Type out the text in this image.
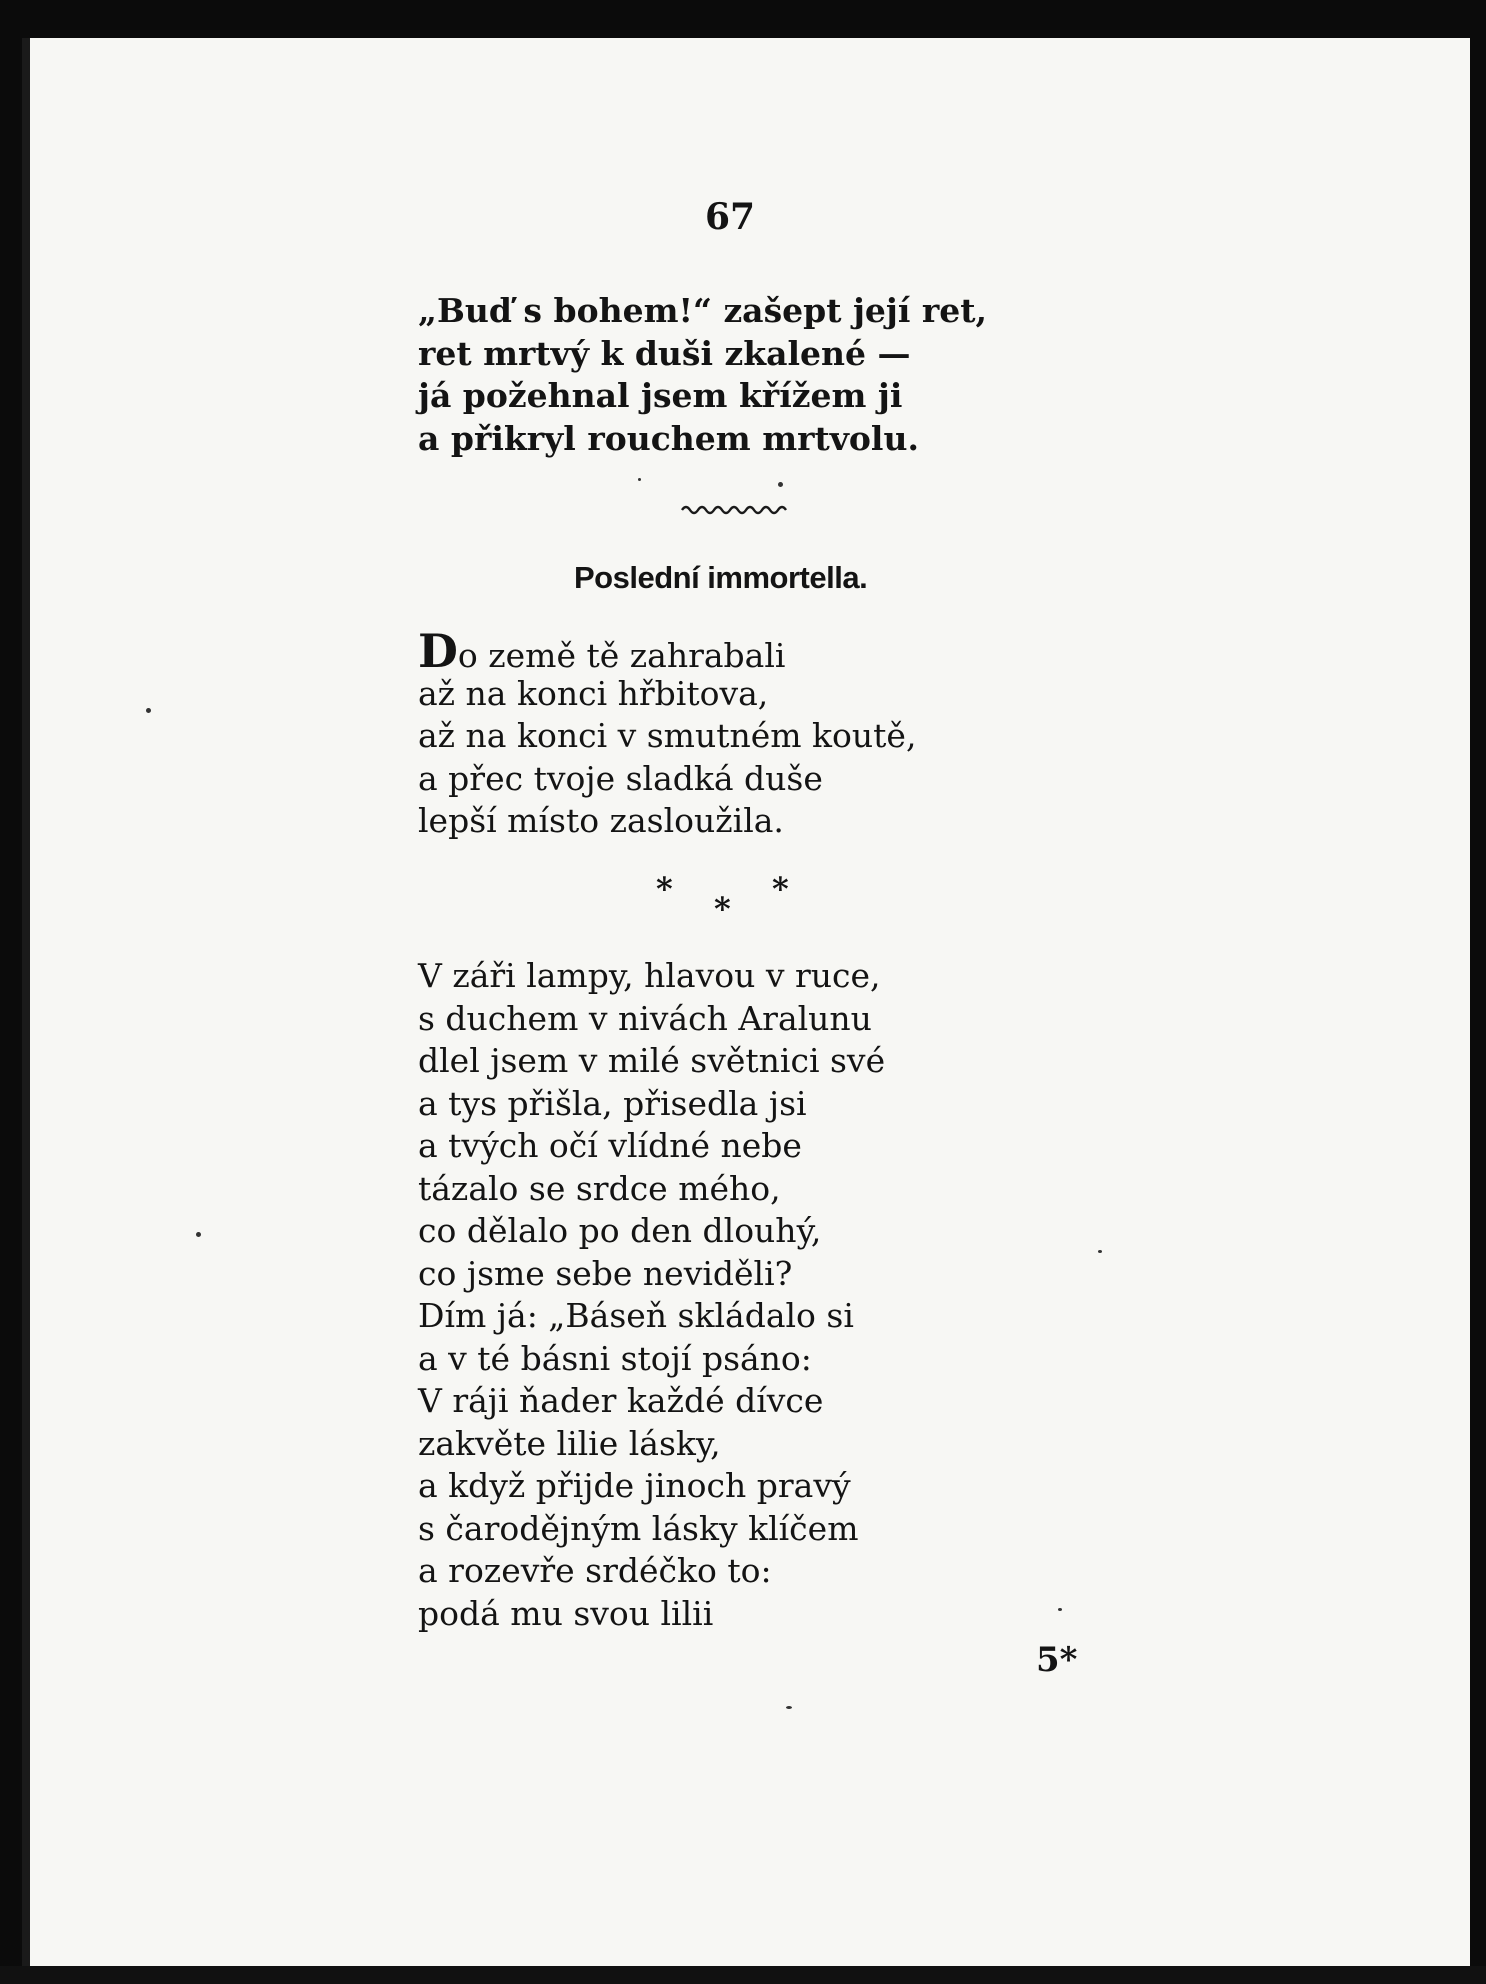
67
„Buď s bohem!“ zašept její ret,
ret mrtvý k duši zkalené —
já požehnal jsem křížem ji
a přikryl rouchem mrtvolu.
Poslední immortella.
Do země tě zahrabali
až na konci hřbitova,
až na konci v smutném koutě,
a přec tvoje sladká duše
lepší místo zasloužila.
*	*
*
V záři lampy, hlavou v ruce,
s duchem v nivách Aralunu
dlel jsem v milé světnici své
a tys přišla, přisedla jsi
a tvých očí vlídné nebe
tázalo se srdce mého,
co dělalo po den dlouhý,
co jsme sebe neviděli?
Dím já: „Báseň skládalo si
a v té básni stojí psáno:
V ráji ňader každé dívce
zakvěte lilie lásky,
a když přijde jinoch pravý
s čarodějným lásky klíčem
a rozevře srdéčko to:
podá mu svou lilii
5*
